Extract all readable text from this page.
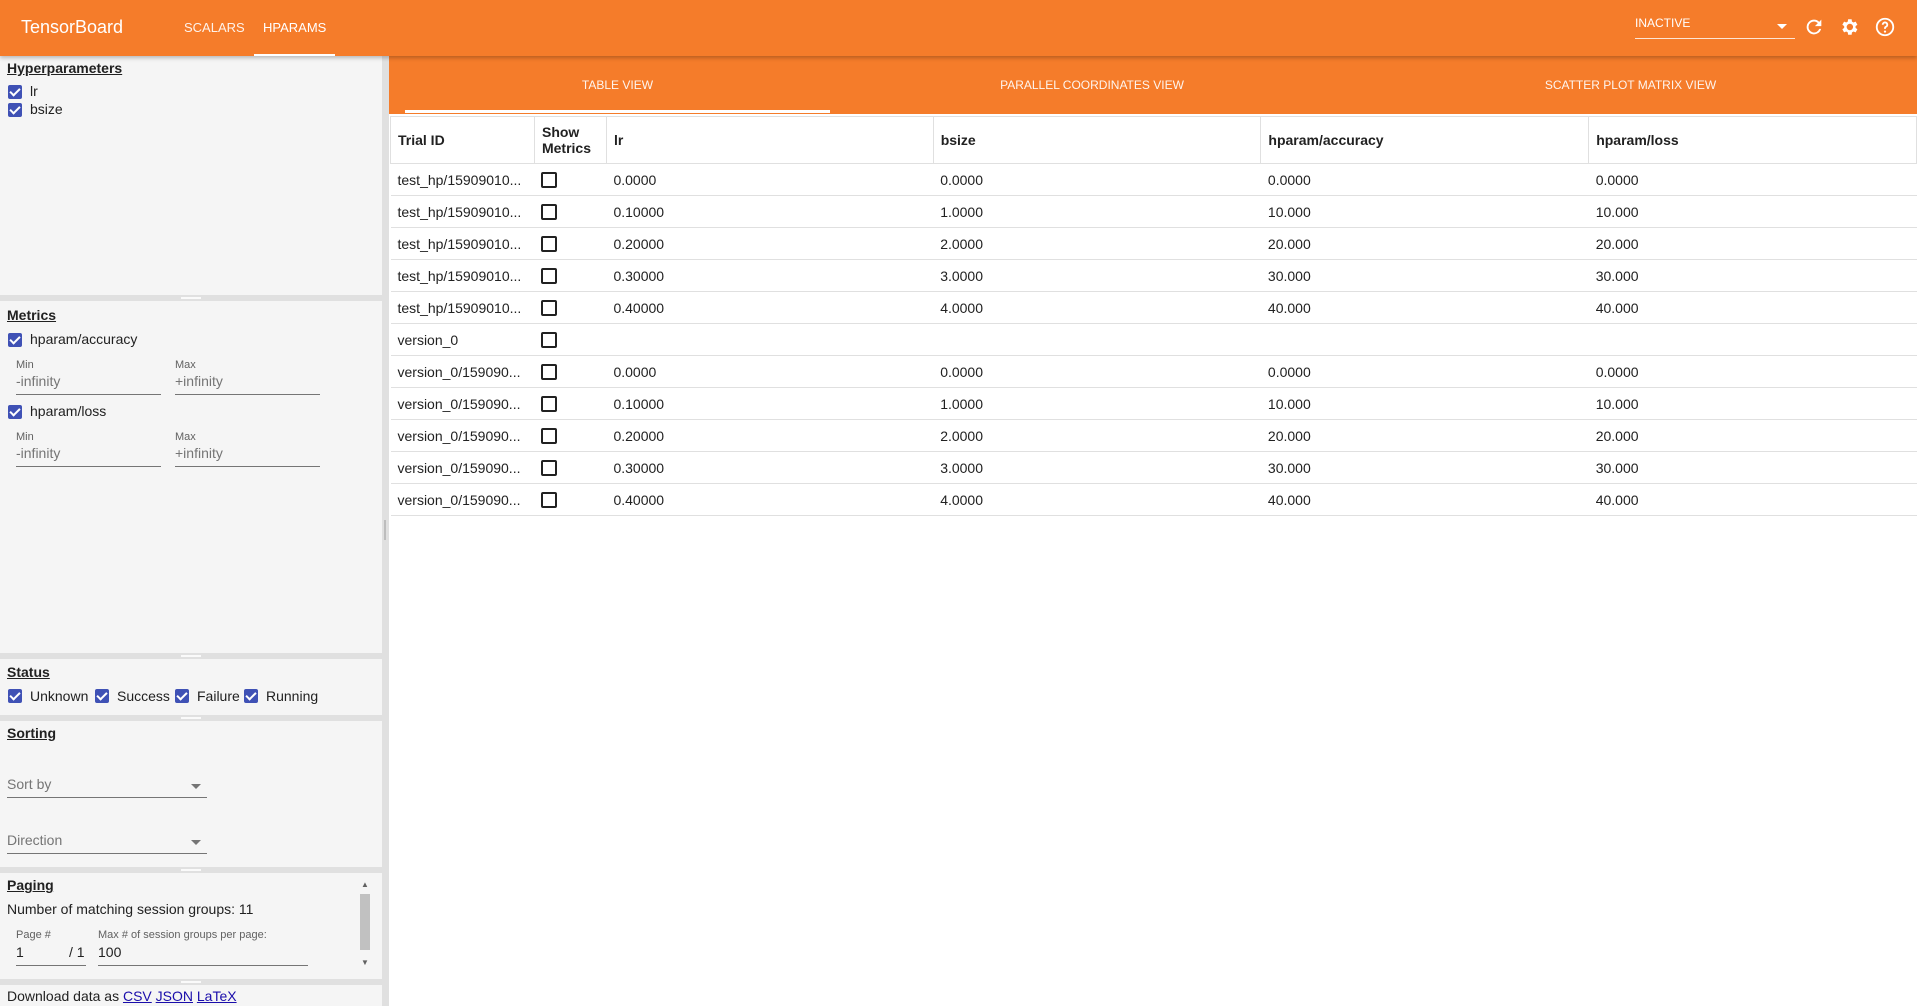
TensorBoard	SCALARS	HPARAMS	INACTIVE
Hyperparameters
lr
bsize
Metrics
hparam/accuracy
Min
-infinity
Max
+infinity
hparam/loss
Min
-infinity
Max
+infinity
Status
Unknown Success Failure Running
Sorting
Sort by
Direction
Paging
Number of matching session groups: 11
Page #
1	/ 1
Max # of session groups per page:
100
▲
▼
Download data as CSV JSON LaTeX
TABLE VIEW	PARALLEL COORDINATES VIEW	SCATTER PLOT MATRIX VIEW
Trial ID	Show Metrics	lr	bsize	hparam/accuracy	hparam/loss
test_hp/15909010...		0.0000	0.0000	0.0000	0.0000
test_hp/15909010...		0.10000	1.0000	10.000	10.000
test_hp/15909010...		0.20000	2.0000	20.000	20.000
test_hp/15909010...		0.30000	3.0000	30.000	30.000
test_hp/15909010...		0.40000	4.0000	40.000	40.000
version_0					
version_0/159090...		0.0000	0.0000	0.0000	0.0000
version_0/159090...		0.10000	1.0000	10.000	10.000
version_0/159090...		0.20000	2.0000	20.000	20.000
version_0/159090...		0.30000	3.0000	30.000	30.000
version_0/159090...		0.40000	4.0000	40.000	40.000
